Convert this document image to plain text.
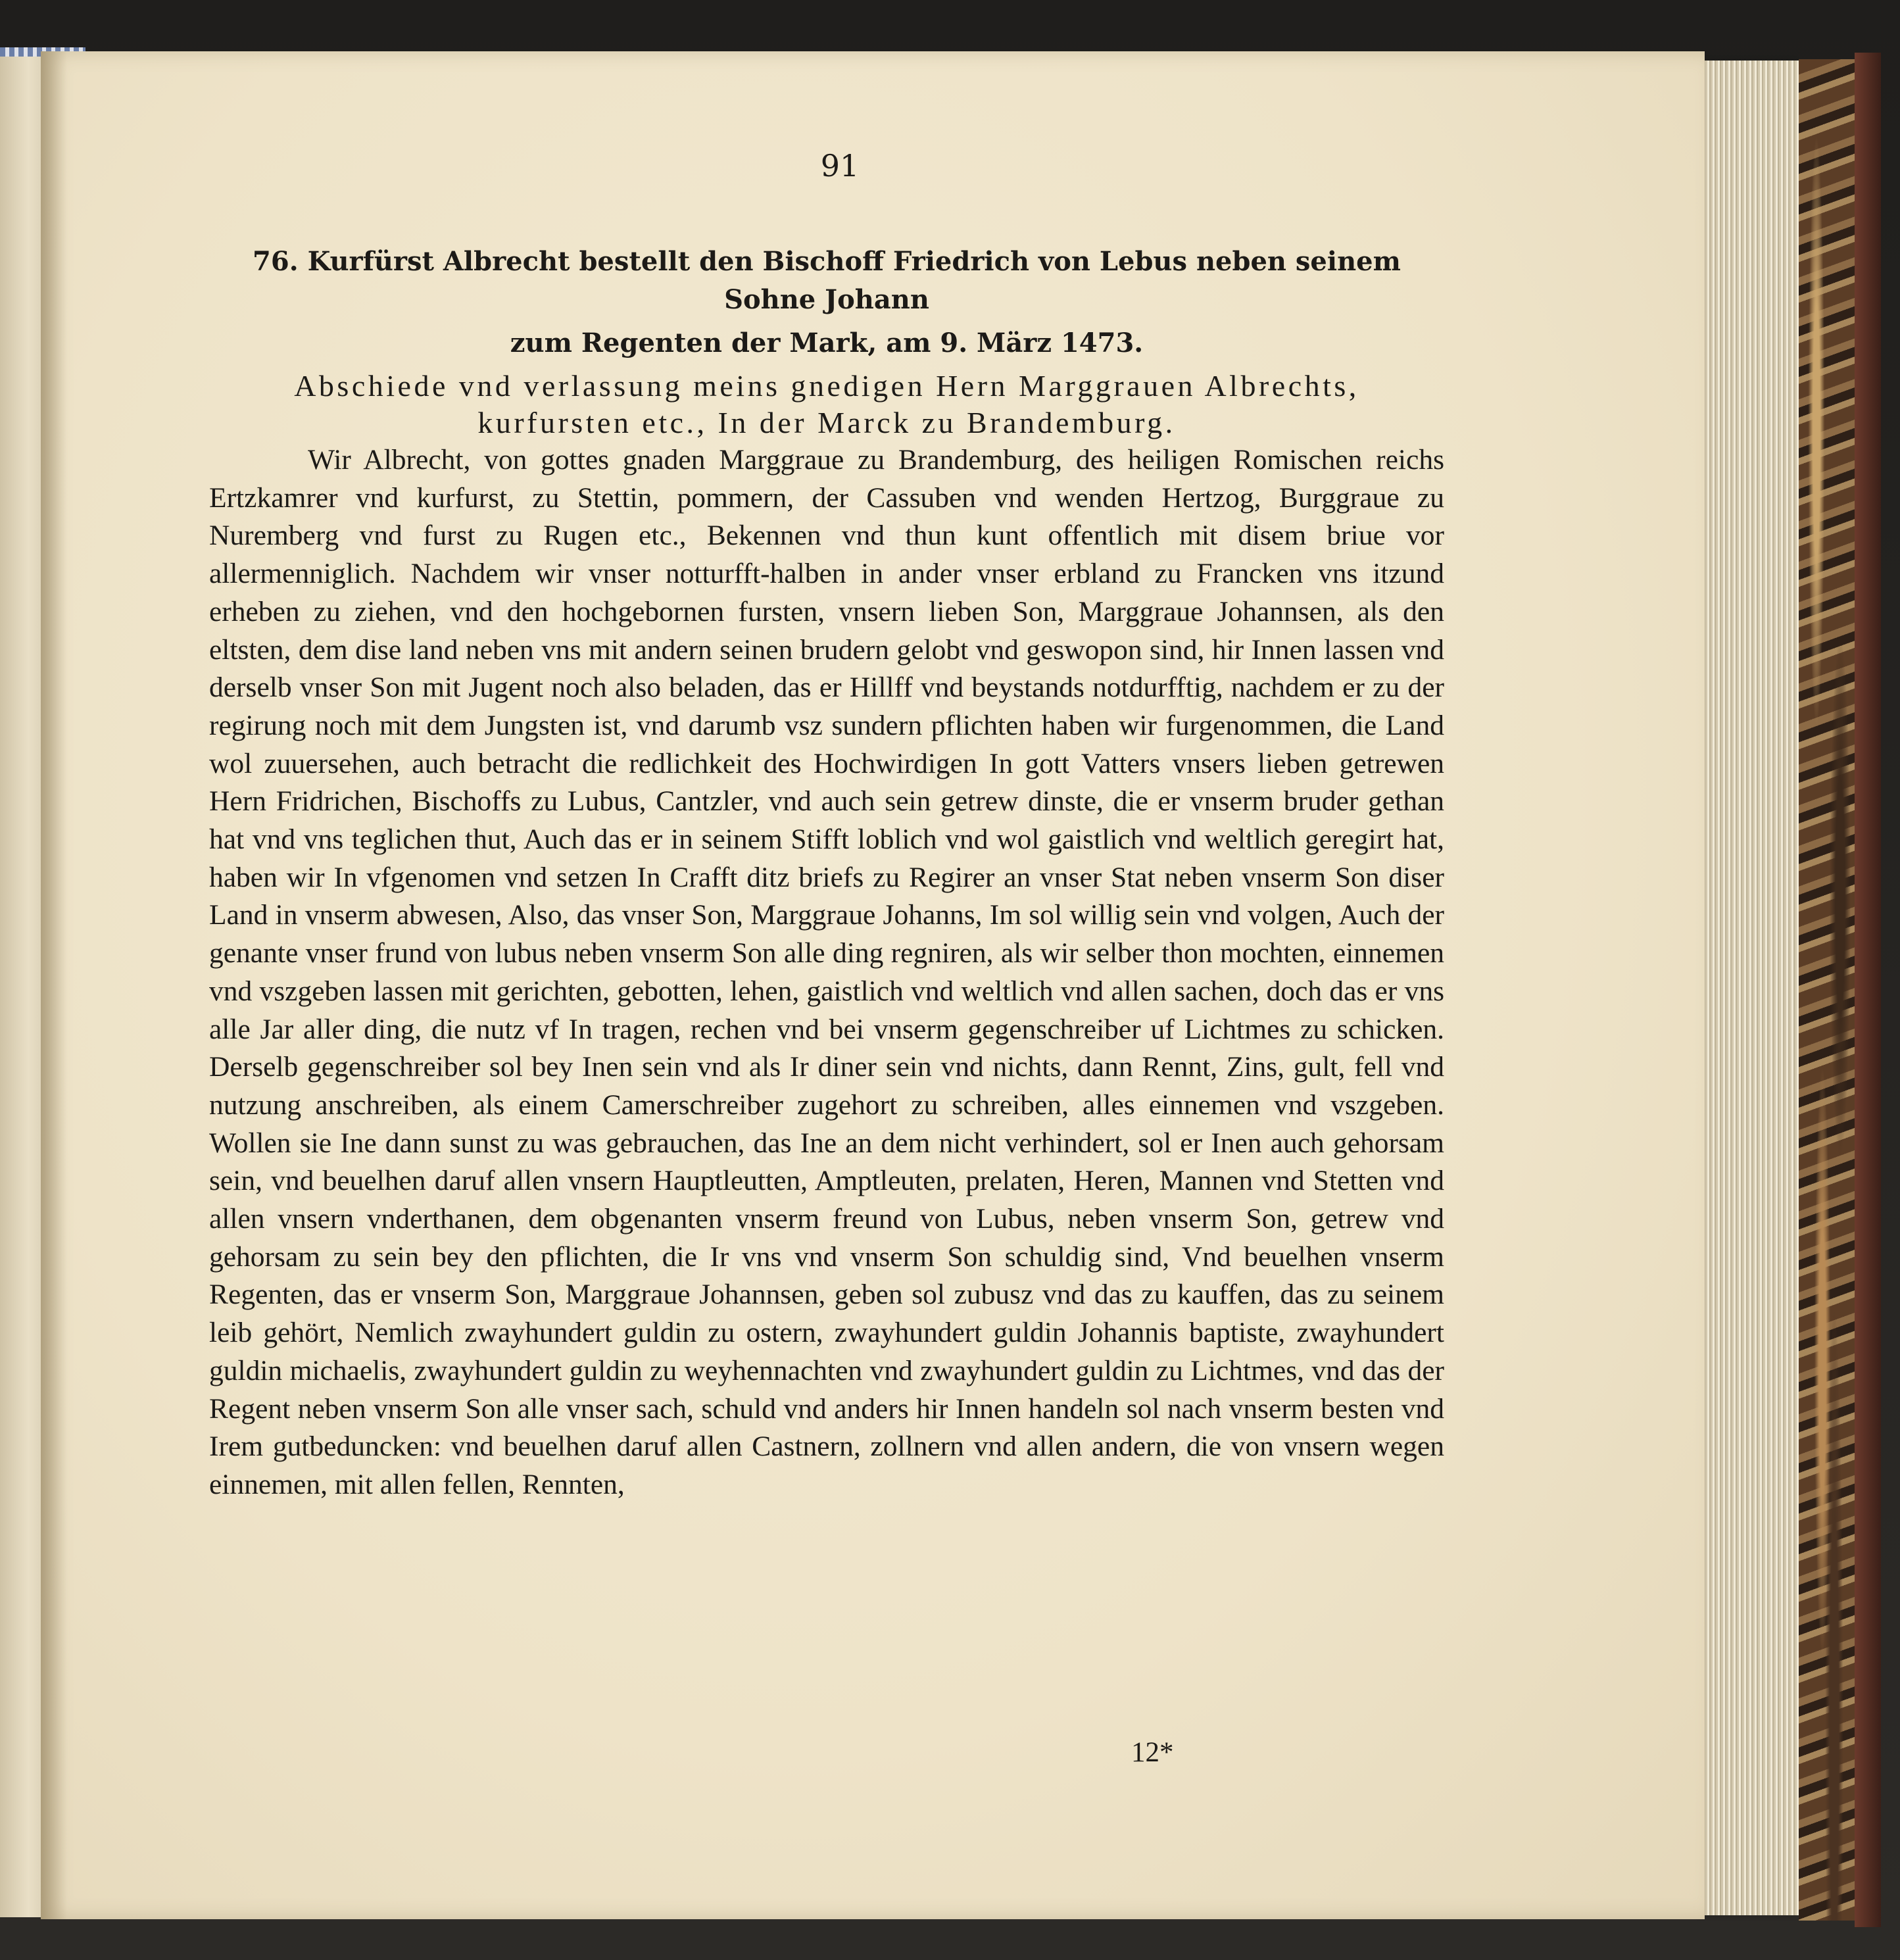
91
76. Kurfürst Albrecht bestellt den Bischoff Friedrich von Lebus neben seinem Sohne Johann
zum Regenten der Mark, am 9. März 1473.
Abschiede vnd verlassung meins gnedigen Hern Marggrauen Albrechts,
kurfursten etc., In der Marck zu Brandemburg.

Wir Albrecht, von gottes gnaden Marggraue zu Brandemburg, des heiligen Romischen reichs Ertzkamrer vnd kurfurst, zu Stettin, pommern, der Cassuben vnd wenden Hertzog, Burggraue zu Nuremberg vnd furst zu Rugen etc., Bekennen vnd thun kunt offentlich mit disem briue vor allermenniglich. Nachdem wir vnser notturfft-halben in ander vnser erbland zu Francken vns itzund erheben zu ziehen, vnd den hochgebornen fursten, vnsern lieben Son, Marggraue Johannsen, als den eltsten, dem dise land neben vns mit andern seinen brudern gelobt vnd geswороn sind, hir Innen lassen vnd derselb vnser Son mit Jugent noch also beladen, das er Hillff vnd beystands notdurfftig, nachdem er zu der regirung noch mit dem Jungsten ist, vnd darumb vsz sundern pflichten haben wir furgenommen, die Land wol zuuersehen, auch betracht die redlichkeit des Hochwirdigen In gott Vatters vnsers lieben getrewen Hern Fridrichen, Bischoffs zu Lubus, Cantzler, vnd auch sein getrew dinste, die er vnserm bruder gethan hat vnd vns teglichen thut, Auch das er in seinem Stifft loblich vnd wol gaistlich vnd weltlich geregirt hat, haben wir In vfgenomen vnd setzen In Crafft ditz briefs zu Regirer an vnser Stat neben vnserm Son diser Land in vnserm abwesen, Also, das vnser Son, Marggraue Johanns, Im sol willig sein vnd volgen, Auch der genante vnser frund von lubus neben vnserm Son alle ding regniren, als wir selber thon mochten, einnemen vnd vszgeben lassen mit gerichten, gebotten, lehen, gaistlich vnd weltlich vnd allen sachen, doch das er vns alle Jar aller ding, die nutz vf In tragen, rechen vnd bei vnserm gegenschreiber uf Lichtmes zu schicken. Derselb gegenschreiber sol bey Inen sein vnd als Ir diner sein vnd nichts, dann Rennt, Zins, gult, fell vnd nutzung anschreiben, als einem Camerschreiber zugehort zu schreiben, alles einnemen vnd vszgeben. Wollen sie Ine dann sunst zu was gebrauchen, das Ine an dem nicht verhindert, sol er Inen auch gehorsam sein, vnd beuelhen daruf allen vnsern Hauptleutten, Amptleuten, prelaten, Heren, Mannen vnd Stetten vnd allen vnsern vnderthanen, dem obgenanten vnserm freund von Lubus, neben vnserm Son, getrew vnd gehorsam zu sein bey den pflichten, die Ir vns vnd vnserm Son schuldig sind, Vnd beuelhen vnserm Regenten, das er vnserm Son, Marggraue Johannsen, geben sol zubusz vnd das zu kauffen, das zu seinem leib gehört, Nemlich zwayhundert guldin zu ostern, zwayhundert guldin Johannis baptiste, zwayhundert guldin michaelis, zwayhundert guldin zu weyhennachten vnd zwayhundert guldin zu Lichtmes, vnd das der Regent neben vnserm Son alle vnser sach, schuld vnd anders hir Innen handeln sol nach vnserm besten vnd Irem gutbeduncken: vnd beuelhen daruf allen Castnern, zollnern vnd allen andern, die von vnsern wegen einnemen, mit allen fellen, Rennten,

12*
